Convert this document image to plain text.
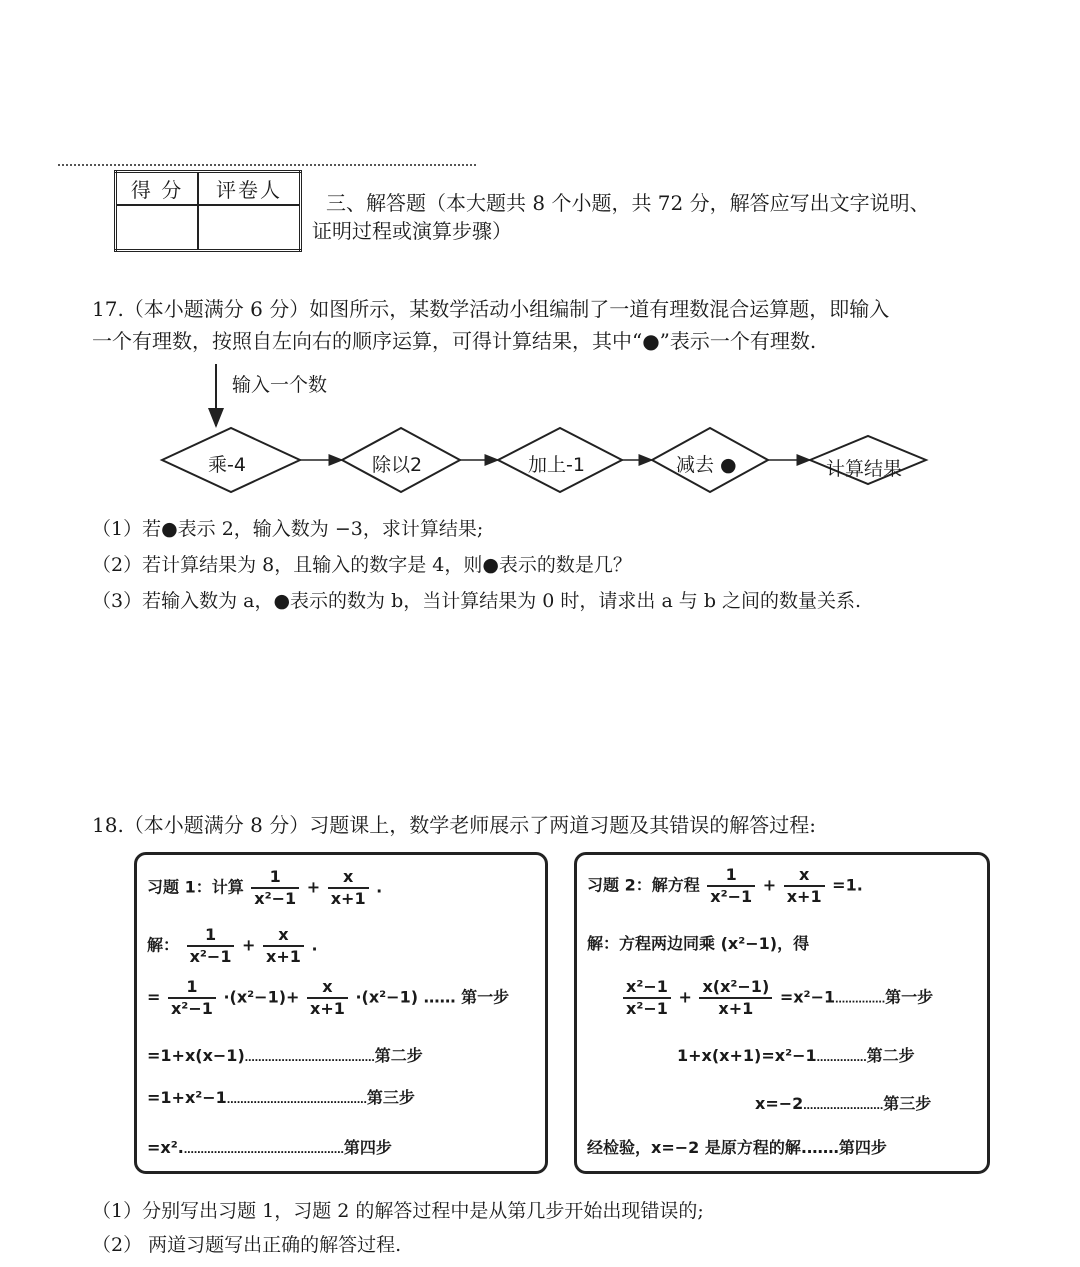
得 分	评卷人

三、解答题（本大题共 8 个小题，共 72 分，解答应写出文字说明、
证明过程或演算步骤）
17.（本小题满分 6 分）如图所示，某数学活动小组编制了一道有理数混合运算题，即输入
一个有理数，按照自左向右的顺序运算，可得计算结果，其中“●”表示一个有理数.
输入一个数
乘-4	除以2	加上-1	减去 ●	计算结果
（1）若●表示 2，输入数为 −3，求计算结果;
（2）若计算结果为 8，且输入的数字是 4，则●表示的数是几？
（3）若输入数为 a，●表示的数为 b，当计算结果为 0 时，请求出 a 与 b 之间的数量关系.
18.（本小题满分 8 分）习题课上，数学老师展示了两道习题及其错误的解答过程:
习题 1：计算 $\frac{1}{\text{x²−1}} + \frac{x}{x+1}$ .
解： $\frac{1}{\text{x²−1}} + \frac{x}{x+1}$ .
= $\frac{1}{\text{x²−1}} \cdot(x^2-1)+ \frac{x}{x+1} \cdot(x^2-1)$ …… 第一步
=1+x(x−1)…………………………………第二步
=1+x²−1……………………………………第三步
=x².…………………………………………第四步
习题 2：解方程 $\frac{1}{\text{x²−1}} + \frac{x}{x+1} =1$.
解：方程两边同乘 (x²−1)，得
$\frac{\text{x²−1}}{\text{x²−1}} + \frac{\text{x(x²−1)}}{x+1}$ =x²−1……………第一步
1+x(x+1)=x²−1……………第二步
x=−2……………………第三步
经检验，x=−2 是原方程的解.……第四步
（1）分别写出习题 1，习题 2 的解答过程中是从第几步开始出现错误的;
（2） 两道习题写出正确的解答过程.
